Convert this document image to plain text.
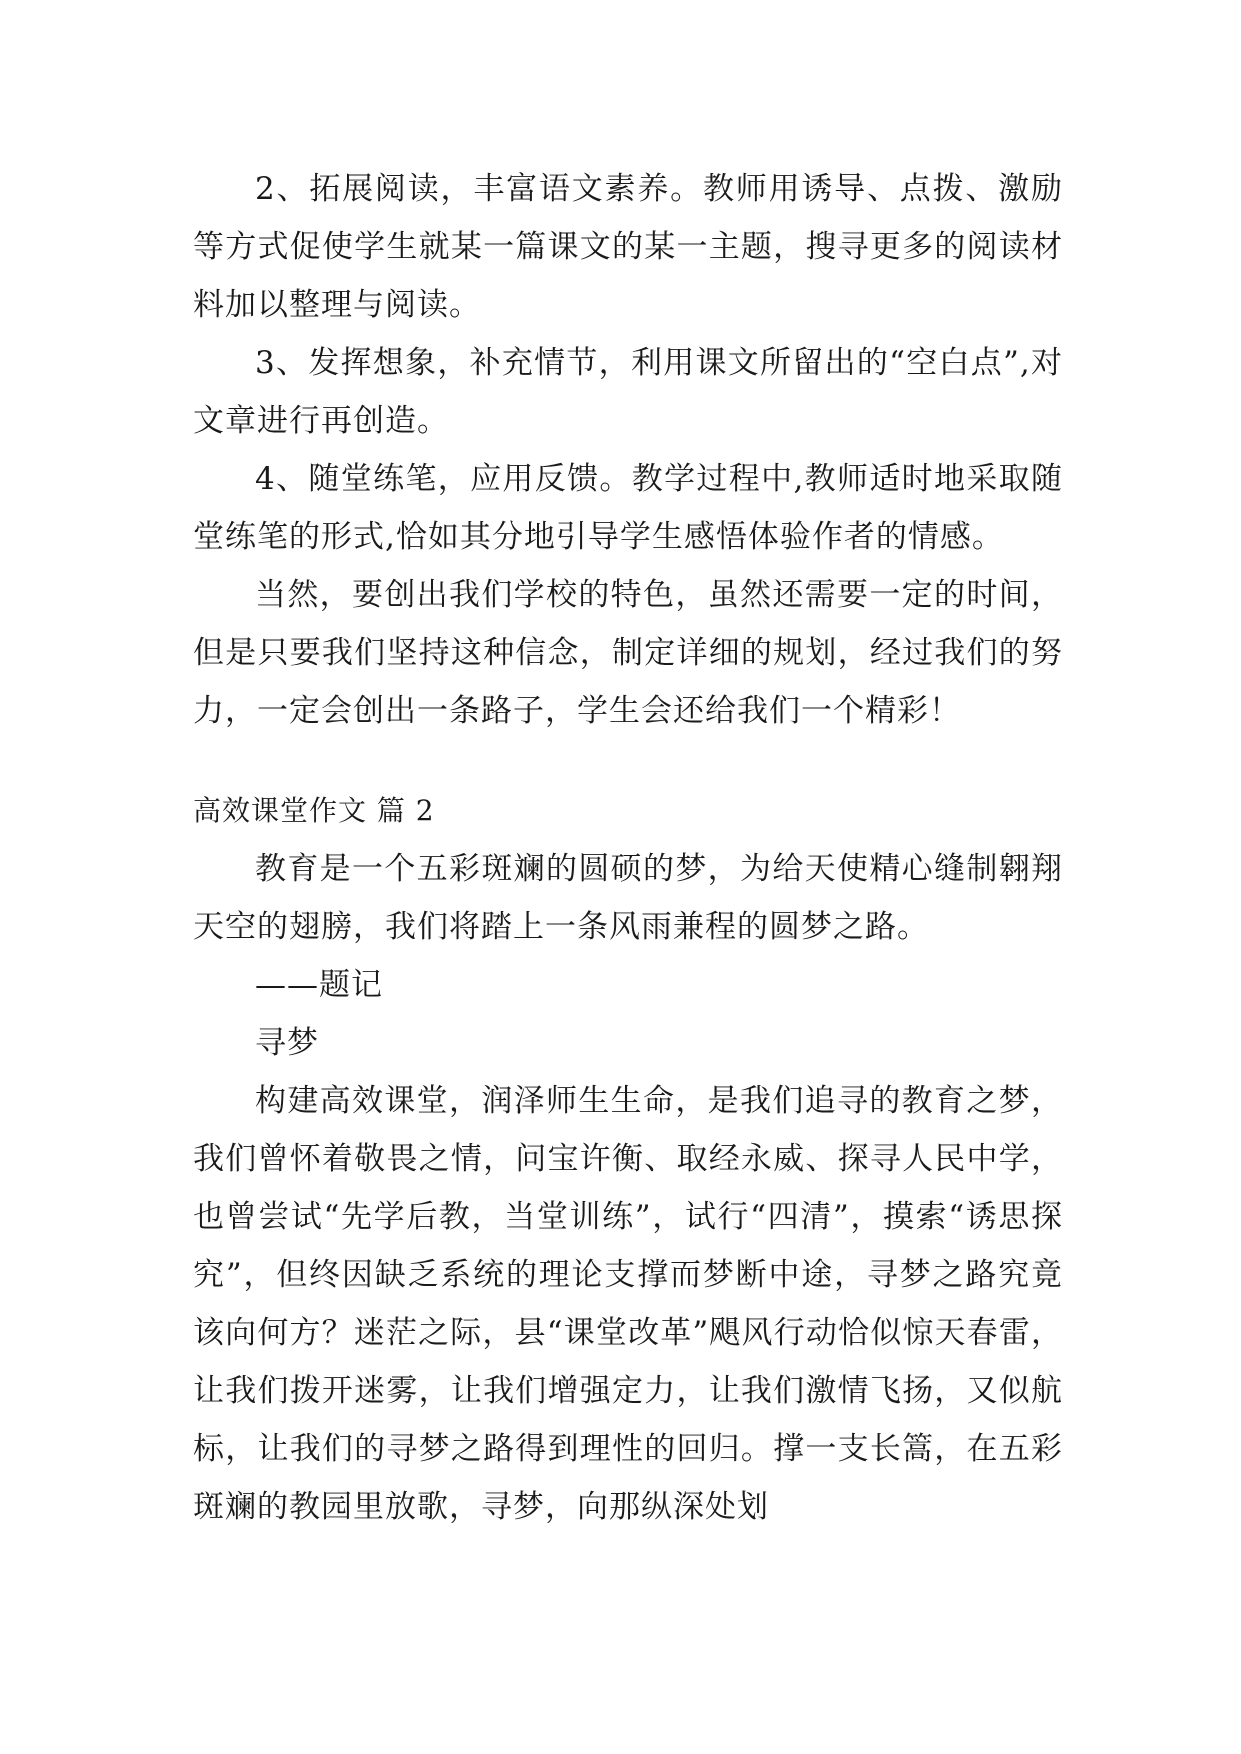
2、拓展阅读，丰富语文素养。教师用诱导、点拨、激励等方式促使学生就某一篇课文的某一主题，搜寻更多的阅读材料加以整理与阅读。

3、发挥想象，补充情节，利用课文所留出的“空白点”,对文章进行再创造。

4、随堂练笔，应用反馈。教学过程中,教师适时地采取随堂练笔的形式,恰如其分地引导学生感悟体验作者的情感。

当然，要创出我们学校的特色，虽然还需要一定的时间，但是只要我们坚持这种信念，制定详细的规划，经过我们的努力，一定会创出一条路子，学生会还给我们一个精彩！

高效课堂作文 篇 2

教育是一个五彩斑斓的圆硕的梦，为给天使精心缝制翱翔天空的翅膀，我们将踏上一条风雨兼程的圆梦之路。

——题记

寻梦

构建高效课堂，润泽师生生命，是我们追寻的教育之梦，我们曾怀着敬畏之情，问宝许衡、取经永威、探寻人民中学，也曾尝试“先学后教，当堂训练”，试行“四清”，摸索“诱思探究”，但终因缺乏系统的理论支撑而梦断中途，寻梦之路究竟该向何方？迷茫之际，县“课堂改革”飓风行动恰似惊天春雷，让我们拨开迷雾，让我们增强定力，让我们激情飞扬，又似航标，让我们的寻梦之路得到理性的回归。撑一支长篙，在五彩斑斓的教园里放歌，寻梦，向那纵深处划
